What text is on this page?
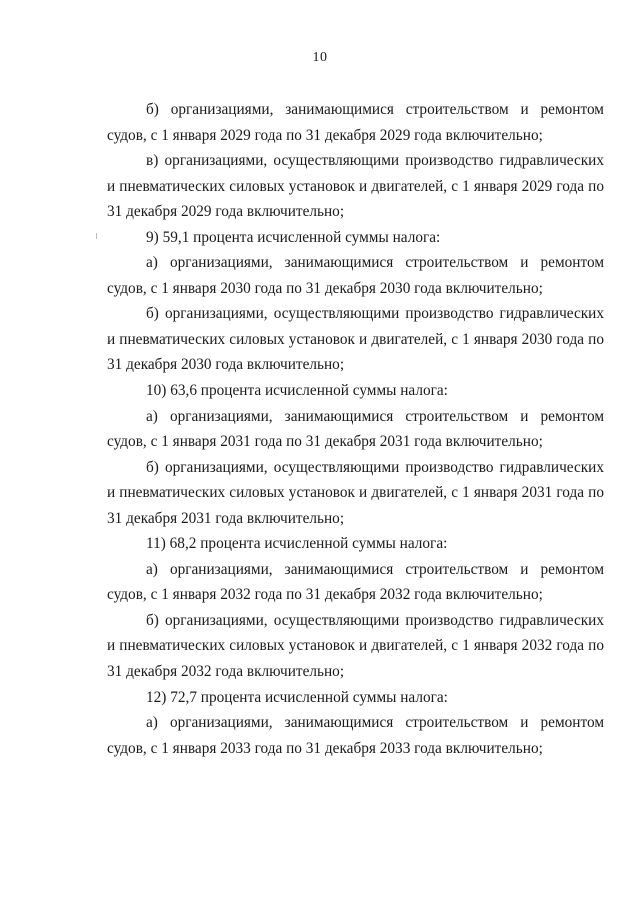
10

б) организациями, занимающимися строительством и ремонтом судов, с 1 января 2029 года по 31 декабря 2029 года включительно;

в) организациями, осуществляющими производство гидравлических и пневматических силовых установок и двигателей, с 1 января 2029 года по 31 декабря 2029 года включительно;

9) 59,1 процента исчисленной суммы налога:

а) организациями, занимающимися строительством и ремонтом судов, с 1 января 2030 года по 31 декабря 2030 года включительно;

б) организациями, осуществляющими производство гидравлических и пневматических силовых установок и двигателей, с 1 января 2030 года по 31 декабря 2030 года включительно;

10) 63,6 процента исчисленной суммы налога:

а) организациями, занимающимися строительством и ремонтом судов, с 1 января 2031 года по 31 декабря 2031 года включительно;

б) организациями, осуществляющими производство гидравлических и пневматических силовых установок и двигателей, с 1 января 2031 года по 31 декабря 2031 года включительно;

11) 68,2 процента исчисленной суммы налога:

а) организациями, занимающимися строительством и ремонтом судов, с 1 января 2032 года по 31 декабря 2032 года включительно;

б) организациями, осуществляющими производство гидравлических и пневматических силовых установок и двигателей, с 1 января 2032 года по 31 декабря 2032 года включительно;

12) 72,7 процента исчисленной суммы налога:

а) организациями, занимающимися строительством и ремонтом судов, с 1 января 2033 года по 31 декабря 2033 года включительно;
